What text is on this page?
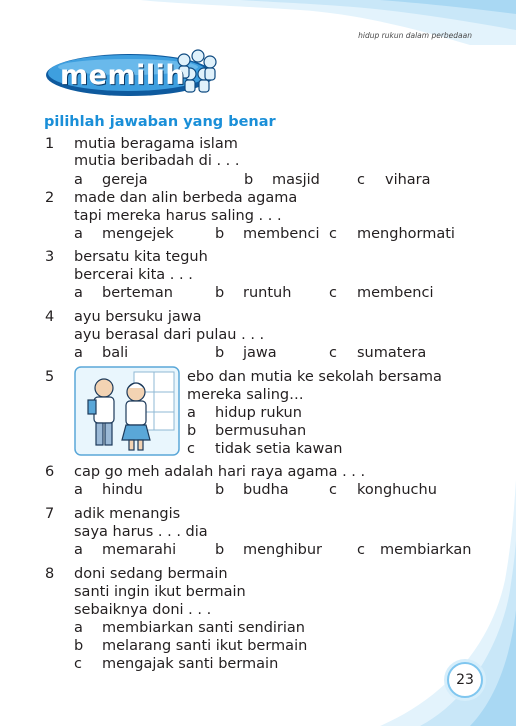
hidup rukun dalam perbedaan
memilih
pilihlah jawaban yang benar
1 mutia beragama islam
mutia beribadah di . . .
a gereja	b masjid	c vihara
2 made dan alin berbeda agama
tapi mereka harus saling . . .
a mengejek	b membenci c menghormati
3 bersatu kita teguh
bercerai kita . . .
a berteman	b runtuh	c membenci
4 ayu bersuku jawa
ayu berasal dari pulau . . .
a bali	b jawa	c sumatera
5	ebo dan mutia ke sekolah bersama
mereka saling…
a hidup rukun
b bermusuhan
c tidak setia kawan
6 cap go meh adalah hari raya agama . . .
a hindu	b budha	c konghuchu
7 adik menangis
saya harus . . . dia
a memarahi	b menghibur c membiarkan
8 doni sedang bermain
santi ingin ikut bermain
sebaiknya doni . . .
a membiarkan santi sendirian
b melarang santi ikut bermain
c mengajak santi bermain
23
